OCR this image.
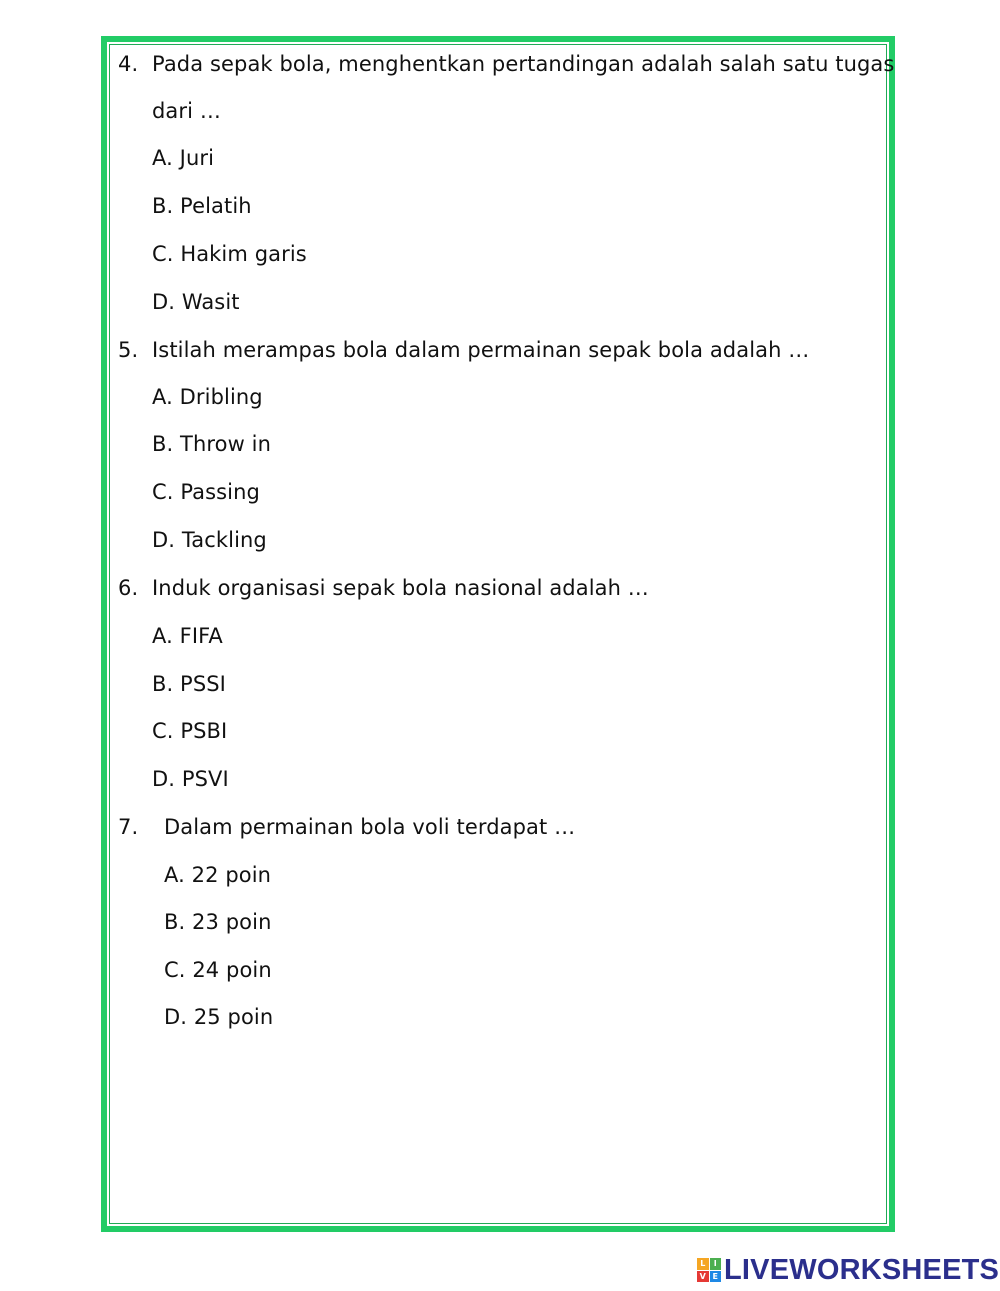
4. Pada sepak bola, menghentkan pertandingan adalah salah satu tugas
dari …
A. Juri
B. Pelatih
C. Hakim garis
D. Wasit
5. Istilah merampas bola dalam permainan sepak bola adalah …
A. Dribling
B. Throw in
C. Passing
D. Tackling
6. Induk organisasi sepak bola nasional adalah …
A. FIFA
B. PSSI
C. PSBI
D. PSVI
7. Dalam permainan bola voli terdapat …
A. 22 poin
B. 23 poin
C. 24 poin
D. 25 poin
L	I
V E LIVEWORKSHEETS
